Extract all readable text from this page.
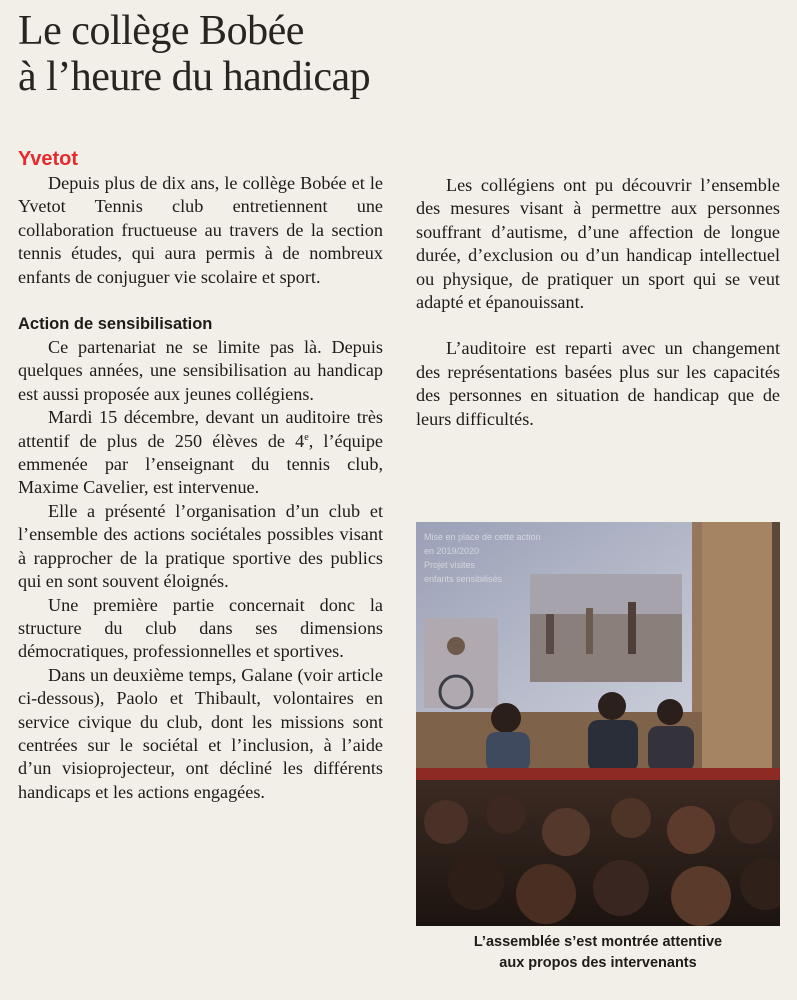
Le collège Bobée
à l’heure du handicap

Yvetot

Depuis plus de dix ans, le collège Bobée et le Yvetot Tennis club entretiennent une collaboration fructueuse au travers de la section tennis études, qui aura permis à de nombreux enfants de conjuguer vie scolaire et sport.

Action de sensibilisation

Ce partenariat ne se limite pas là. Depuis quelques années, une sensibilisation au handicap est aussi proposée aux jeunes collégiens.

Mardi 15 décembre, devant un auditoire très attentif de plus de 250 élèves de 4e, l’équipe emmenée par l’enseignant du tennis club, Maxime Cavelier, est intervenue.

Elle a présenté l’organisation d’un club et l’ensemble des actions sociétales possibles visant à rapprocher de la pratique sportive des publics qui en sont souvent éloignés.

Une première partie concernait donc la structure du club dans ses dimensions démocratiques, professionnelles et sportives.

Dans un deuxième temps, Galane (voir article ci-dessous), Paolo et Thibault, volontaires en service civique du club, dont les missions sont centrées sur le sociétal et l’inclusion, à l’aide d’un visioprojecteur, ont décliné les différents handicaps et les actions engagées.

Les collégiens ont pu découvrir l’ensemble des mesures visant à permettre aux personnes souffrant d’autisme, d’une affection de longue durée, d’exclusion ou d’un handicap intellectuel ou physique, de pratiquer un sport qui se veut adapté et épanouissant.

L’auditoire est reparti avec un changement des représentations basées plus sur les capacités des personnes en situation de handicap que de leurs difficultés.

Mise en place de cette action
en 2019/2020
Projet visites
enfants sensibilisés
L’assemblée s’est montrée attentive
aux propos des intervenants
